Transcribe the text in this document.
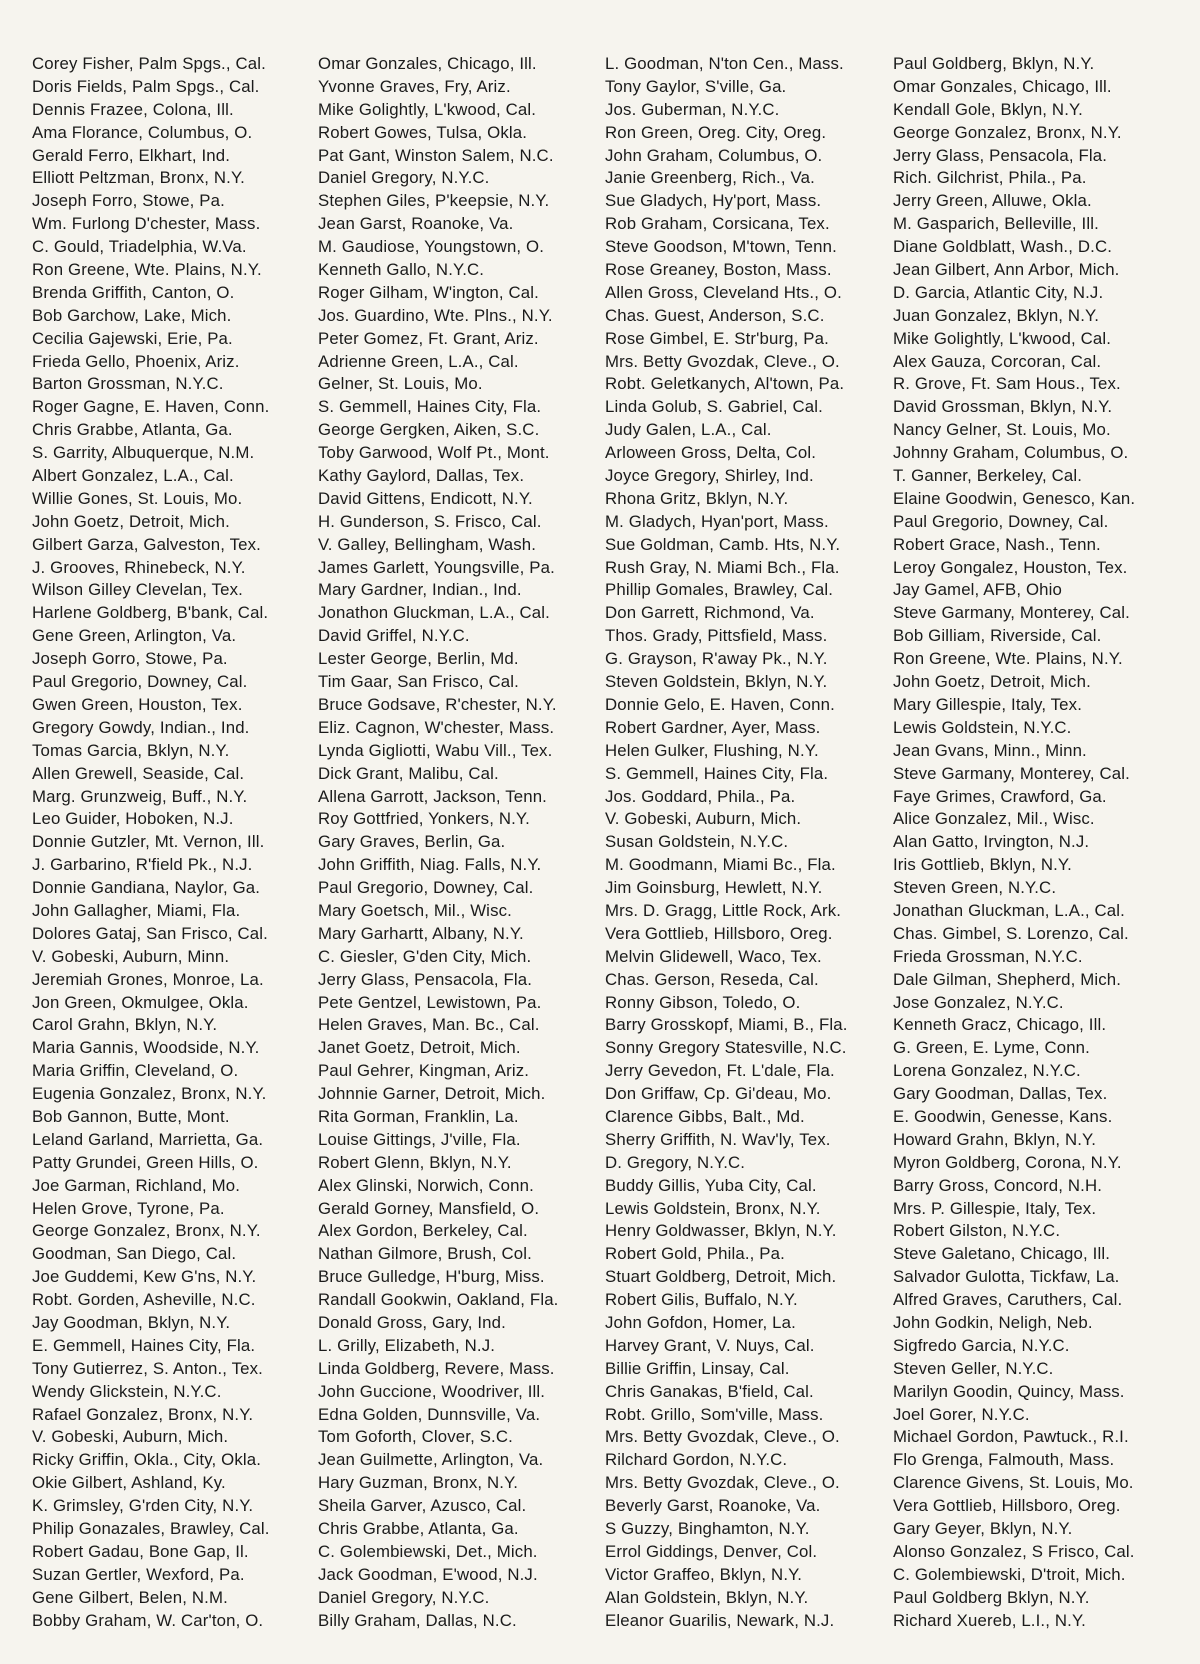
Corey Fisher, Palm Spgs., Cal.
Doris Fields, Palm Spgs., Cal.
Dennis Frazee, Colona, Ill.
Ama Florance, Columbus, O.
Gerald Ferro, Elkhart, Ind.
Elliott Peltzman, Bronx, N.Y.
Joseph Forro, Stowe, Pa.
Wm. Furlong D'chester, Mass.
C. Gould, Triadelphia, W.Va.
Ron Greene, Wte. Plains, N.Y.
Brenda Griffith, Canton, O.
Bob Garchow, Lake, Mich.
Cecilia Gajewski, Erie, Pa.
Frieda Gello, Phoenix, Ariz.
Barton Grossman, N.Y.C.
Roger Gagne, E. Haven, Conn.
Chris Grabbe, Atlanta, Ga.
S. Garrity, Albuquerque, N.M.
Albert Gonzalez, L.A., Cal.
Willie Gones, St. Louis, Mo.
John Goetz, Detroit, Mich.
Gilbert Garza, Galveston, Tex.
J. Grooves, Rhinebeck, N.Y.
Wilson Gilley Clevelan, Tex.
Harlene Goldberg, B'bank, Cal.
Gene Green, Arlington, Va.
Joseph Gorro, Stowe, Pa.
Paul Gregorio, Downey, Cal.
Gwen Green, Houston, Tex.
Gregory Gowdy, Indian., Ind.
Tomas Garcia, Bklyn, N.Y.
Allen Grewell, Seaside, Cal.
Marg. Grunzweig, Buff., N.Y.
Leo Guider, Hoboken, N.J.
Donnie Gutzler, Mt. Vernon, Ill.
J. Garbarino, R'field Pk., N.J.
Donnie Gandiana, Naylor, Ga.
John Gallagher, Miami, Fla.
Dolores Gataj, San Frisco, Cal.
V. Gobeski, Auburn, Minn.
Jeremiah Grones, Monroe, La.
Jon Green, Okmulgee, Okla.
Carol Grahn, Bklyn, N.Y.
Maria Gannis, Woodside, N.Y.
Maria Griffin, Cleveland, O.
Eugenia Gonzalez, Bronx, N.Y.
Bob Gannon, Butte, Mont.
Leland Garland, Marrietta, Ga.
Patty Grundei, Green Hills, O.
Joe Garman, Richland, Mo.
Helen Grove, Tyrone, Pa.
George Gonzalez, Bronx, N.Y.
Goodman, San Diego, Cal.
Joe Guddemi, Kew G'ns, N.Y.
Robt. Gorden, Asheville, N.C.
Jay Goodman, Bklyn, N.Y.
E. Gemmell, Haines City, Fla.
Tony Gutierrez, S. Anton., Tex.
Wendy Glickstein, N.Y.C.
Rafael Gonzalez, Bronx, N.Y.
V. Gobeski, Auburn, Mich.
Ricky Griffin, Okla., City, Okla.
Okie Gilbert, Ashland, Ky.
K. Grimsley, G'rden City, N.Y.
Philip Gonazales, Brawley, Cal.
Robert Gadau, Bone Gap, Il.
Suzan Gertler, Wexford, Pa.
Gene Gilbert, Belen, N.M.
Bobby Graham, W. Car'ton, O.
Omar Gonzales, Chicago, Ill.
Yvonne Graves, Fry, Ariz.
Mike Golightly, L'kwood, Cal.
Robert Gowes, Tulsa, Okla.
Pat Gant, Winston Salem, N.C.
Daniel Gregory, N.Y.C.
Stephen Giles, P'keepsie, N.Y.
Jean Garst, Roanoke, Va.
M. Gaudiose, Youngstown, O.
Kenneth Gallo, N.Y.C.
Roger Gilham, W'ington, Cal.
Jos. Guardino, Wte. Plns., N.Y.
Peter Gomez, Ft. Grant, Ariz.
Adrienne Green, L.A., Cal.
Gelner, St. Louis, Mo.
S. Gemmell, Haines City, Fla.
George Gergken, Aiken, S.C.
Toby Garwood, Wolf Pt., Mont.
Kathy Gaylord, Dallas, Tex.
David Gittens, Endicott, N.Y.
H. Gunderson, S. Frisco, Cal.
V. Galley, Bellingham, Wash.
James Garlett, Youngsville, Pa.
Mary Gardner, Indian., Ind.
Jonathon Gluckman, L.A., Cal.
David Griffel, N.Y.C.
Lester George, Berlin, Md.
Tim Gaar, San Frisco, Cal.
Bruce Godsave, R'chester, N.Y.
Eliz. Cagnon, W'chester, Mass.
Lynda Gigliotti, Wabu Vill., Tex.
Dick Grant, Malibu, Cal.
Allena Garrott, Jackson, Tenn.
Roy Gottfried, Yonkers, N.Y.
Gary Graves, Berlin, Ga.
John Griffith, Niag. Falls, N.Y.
Paul Gregorio, Downey, Cal.
Mary Goetsch, Mil., Wisc.
Mary Garhartt, Albany, N.Y.
C. Giesler, G'den City, Mich.
Jerry Glass, Pensacola, Fla.
Pete Gentzel, Lewistown, Pa.
Helen Graves, Man. Bc., Cal.
Janet Goetz, Detroit, Mich.
Paul Gehrer, Kingman, Ariz.
Johnnie Garner, Detroit, Mich.
Rita Gorman, Franklin, La.
Louise Gittings, J'ville, Fla.
Robert Glenn, Bklyn, N.Y.
Alex Glinski, Norwich, Conn.
Gerald Gorney, Mansfield, O.
Alex Gordon, Berkeley, Cal.
Nathan Gilmore, Brush, Col.
Bruce Gulledge, H'burg, Miss.
Randall Gookwin, Oakland, Fla.
Donald Gross, Gary, Ind.
L. Grilly, Elizabeth, N.J.
Linda Goldberg, Revere, Mass.
John Guccione, Woodriver, Ill.
Edna Golden, Dunnsville, Va.
Tom Goforth, Clover, S.C.
Jean Guilmette, Arlington, Va.
Hary Guzman, Bronx, N.Y.
Sheila Garver, Azusco, Cal.
Chris Grabbe, Atlanta, Ga.
C. Golembiewski, Det., Mich.
Jack Goodman, E'wood, N.J.
Daniel Gregory, N.Y.C.
Billy Graham, Dallas, N.C.
L. Goodman, N'ton Cen., Mass.
Tony Gaylor, S'ville, Ga.
Jos. Guberman, N.Y.C.
Ron Green, Oreg. City, Oreg.
John Graham, Columbus, O.
Janie Greenberg, Rich., Va.
Sue Gladych, Hy'port, Mass.
Rob Graham, Corsicana, Tex.
Steve Goodson, M'town, Tenn.
Rose Greaney, Boston, Mass.
Allen Gross, Cleveland Hts., O.
Chas. Guest, Anderson, S.C.
Rose Gimbel, E. Str'burg, Pa.
Mrs. Betty Gvozdak, Cleve., O.
Robt. Geletkanych, Al'town, Pa.
Linda Golub, S. Gabriel, Cal.
Judy Galen, L.A., Cal.
Arloween Gross, Delta, Col.
Joyce Gregory, Shirley, Ind.
Rhona Gritz, Bklyn, N.Y.
M. Gladych, Hyan'port, Mass.
Sue Goldman, Camb. Hts, N.Y.
Rush Gray, N. Miami Bch., Fla.
Phillip Gomales, Brawley, Cal.
Don Garrett, Richmond, Va.
Thos. Grady, Pittsfield, Mass.
G. Grayson, R'away Pk., N.Y.
Steven Goldstein, Bklyn, N.Y.
Donnie Gelo, E. Haven, Conn.
Robert Gardner, Ayer, Mass.
Helen Gulker, Flushing, N.Y.
S. Gemmell, Haines City, Fla.
Jos. Goddard, Phila., Pa.
V. Gobeski, Auburn, Mich.
Susan Goldstein, N.Y.C.
M. Goodmann, Miami Bc., Fla.
Jim Goinsburg, Hewlett, N.Y.
Mrs. D. Gragg, Little Rock, Ark.
Vera Gottlieb, Hillsboro, Oreg.
Melvin Glidewell, Waco, Tex.
Chas. Gerson, Reseda, Cal.
Ronny Gibson, Toledo, O.
Barry Grosskopf, Miami, B., Fla.
Sonny Gregory Statesville, N.C.
Jerry Gevedon, Ft. L'dale, Fla.
Don Griffaw, Cp. Gi'deau, Mo.
Clarence Gibbs, Balt., Md.
Sherry Griffith, N. Wav'ly, Tex.
D. Gregory, N.Y.C.
Buddy Gillis, Yuba City, Cal.
Lewis Goldstein, Bronx, N.Y.
Henry Goldwasser, Bklyn, N.Y.
Robert Gold, Phila., Pa.
Stuart Goldberg, Detroit, Mich.
Robert Gilis, Buffalo, N.Y.
John Gofdon, Homer, La.
Harvey Grant, V. Nuys, Cal.
Billie Griffin, Linsay, Cal.
Chris Ganakas, B'field, Cal.
Robt. Grillo, Som'ville, Mass.
Mrs. Betty Gvozdak, Cleve., O.
Rilchard Gordon, N.Y.C.
Mrs. Betty Gvozdak, Cleve., O.
Beverly Garst, Roanoke, Va.
S Guzzy, Binghamton, N.Y.
Errol Giddings, Denver, Col.
Victor Graffeo, Bklyn, N.Y.
Alan Goldstein, Bklyn, N.Y.
Eleanor Guarilis, Newark, N.J.
Paul Goldberg, Bklyn, N.Y.
Omar Gonzales, Chicago, Ill.
Kendall Gole, Bklyn, N.Y.
George Gonzalez, Bronx, N.Y.
Jerry Glass, Pensacola, Fla.
Rich. Gilchrist, Phila., Pa.
Jerry Green, Alluwe, Okla.
M. Gasparich, Belleville, Ill.
Diane Goldblatt, Wash., D.C.
Jean Gilbert, Ann Arbor, Mich.
D. Garcia, Atlantic City, N.J.
Juan Gonzalez, Bklyn, N.Y.
Mike Golightly, L'kwood, Cal.
Alex Gauza, Corcoran, Cal.
R. Grove, Ft. Sam Hous., Tex.
David Grossman, Bklyn, N.Y.
Nancy Gelner, St. Louis, Mo.
Johnny Graham, Columbus, O.
T. Ganner, Berkeley, Cal.
Elaine Goodwin, Genesco, Kan.
Paul Gregorio, Downey, Cal.
Robert Grace, Nash., Tenn.
Leroy Gongalez, Houston, Tex.
Jay Gamel, AFB, Ohio
Steve Garmany, Monterey, Cal.
Bob Gilliam, Riverside, Cal.
Ron Greene, Wte. Plains, N.Y.
John Goetz, Detroit, Mich.
Mary Gillespie, Italy, Tex.
Lewis Goldstein, N.Y.C.
Jean Gvans, Minn., Minn.
Steve Garmany, Monterey, Cal.
Faye Grimes, Crawford, Ga.
Alice Gonzalez, Mil., Wisc.
Alan Gatto, Irvington, N.J.
Iris Gottlieb, Bklyn, N.Y.
Steven Green, N.Y.C.
Jonathan Gluckman, L.A., Cal.
Chas. Gimbel, S. Lorenzo, Cal.
Frieda Grossman, N.Y.C.
Dale Gilman, Shepherd, Mich.
Jose Gonzalez, N.Y.C.
Kenneth Gracz, Chicago, Ill.
G. Green, E. Lyme, Conn.
Lorena Gonzalez, N.Y.C.
Gary Goodman, Dallas, Tex.
E. Goodwin, Genesse, Kans.
Howard Grahn, Bklyn, N.Y.
Myron Goldberg, Corona, N.Y.
Barry Gross, Concord, N.H.
Mrs. P. Gillespie, Italy, Tex.
Robert Gilston, N.Y.C.
Steve Galetano, Chicago, Ill.
Salvador Gulotta, Tickfaw, La.
Alfred Graves, Caruthers, Cal.
John Godkin, Neligh, Neb.
Sigfredo Garcia, N.Y.C.
Steven Geller, N.Y.C.
Marilyn Goodin, Quincy, Mass.
Joel Gorer, N.Y.C.
Michael Gordon, Pawtuck., R.I.
Flo Grenga, Falmouth, Mass.
Clarence Givens, St. Louis, Mo.
Vera Gottlieb, Hillsboro, Oreg.
Gary Geyer, Bklyn, N.Y.
Alonso Gonzalez, S Frisco, Cal.
C. Golembiewski, D'troit, Mich.
Paul Goldberg Bklyn, N.Y.
Richard Xuereb, L.I., N.Y.
